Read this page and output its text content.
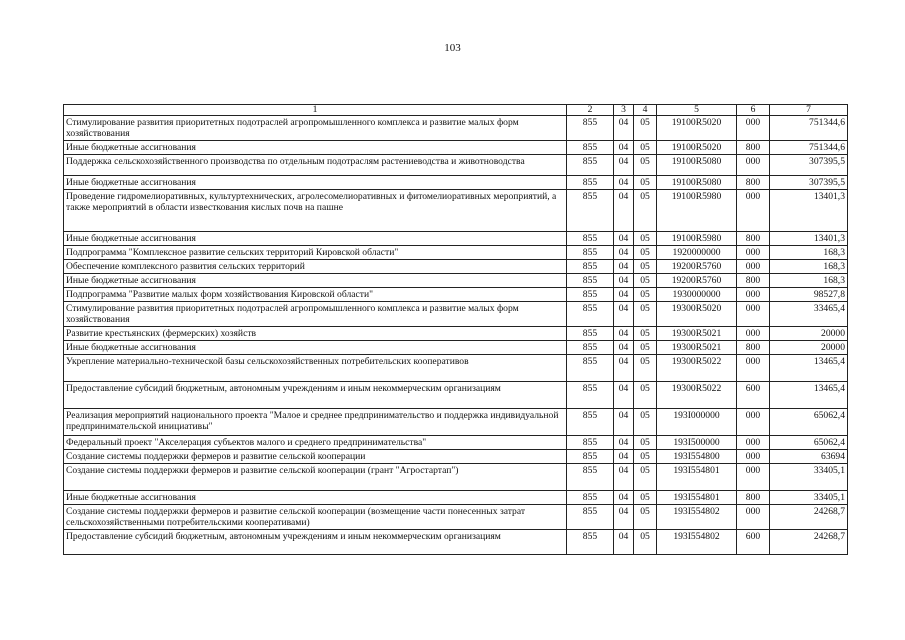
103
1	2	3	4	5	6	7
Стимулирование развития приоритетных подотраслей агропромышленного комплекса и развитие малых форм хозяйствования	855	04	05	19100R5020	000	751344,6
Иные бюджетные ассигнования	855	04	05	19100R5020	800	751344,6
Поддержка сельскохозяйственного производства по отдельным подотраслям растениеводства и животноводства	855	04	05	19100R5080	000	307395,5
Иные бюджетные ассигнования	855	04	05	19100R5080	800	307395,5
Проведение гидромелиоративных, культуртехнических, агролесомелиоративных и фитомелиоративных мероприятий, а также мероприятий в области известкования кислых почв на пашне	855	04	05	19100R5980	000	13401,3
Иные бюджетные ассигнования	855	04	05	19100R5980	800	13401,3
Подпрограмма "Комплексное развитие сельских территорий Кировской области"	855	04	05	1920000000	000	168,3
Обеспечение комплексного развития сельских территорий	855	04	05	19200R5760	000	168,3
Иные бюджетные ассигнования	855	04	05	19200R5760	800	168,3
Подпрограмма "Развитие малых форм хозяйствования Кировской области"	855	04	05	1930000000	000	98527,8
Стимулирование развития приоритетных подотраслей агропромышленного комплекса и развитие малых форм хозяйствования	855	04	05	19300R5020	000	33465,4
Развитие крестьянских (фермерских) хозяйств	855	04	05	19300R5021	000	20000
Иные бюджетные ассигнования	855	04	05	19300R5021	800	20000
Укрепление материально-технической базы сельскохозяйственных потребительских кооперативов	855	04	05	19300R5022	000	13465,4
Предоставление субсидий бюджетным, автономным учреждениям и иным некоммерческим организациям	855	04	05	19300R5022	600	13465,4
Реализация мероприятий национального проекта "Малое и среднее предпринимательство и поддержка индивидуальной предпринимательской инициативы"	855	04	05	193I000000	000	65062,4
Федеральный проект "Акселерация субъектов малого и среднего предпринимательства"	855	04	05	193I500000	000	65062,4
Создание системы поддержки фермеров и развитие сельской кооперации	855	04	05	193I554800	000	63694
Создание системы поддержки фермеров и развитие сельской кооперации (грант "Агростартап")	855	04	05	193I554801	000	33405,1
Иные бюджетные ассигнования	855	04	05	193I554801	800	33405,1
Создание системы поддержки фермеров и развитие сельской кооперации (возмещение части понесенных затрат сельскохозяйственными потребительскими кооперативами)	855	04	05	193I554802	000	24268,7
Предоставление субсидий бюджетным, автономным учреждениям и иным некоммерческим организациям	855	04	05	193I554802	600	24268,7
